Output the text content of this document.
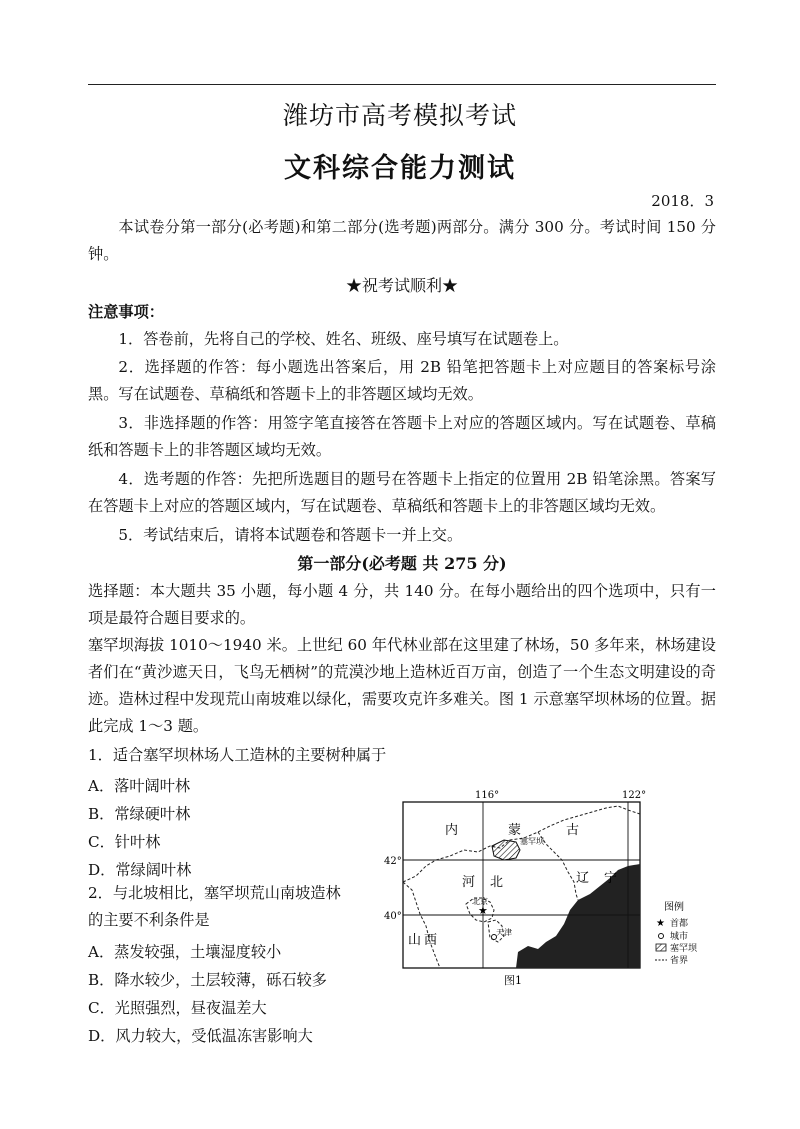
潍坊市高考模拟考试
文科综合能力测试
2018．3
本试卷分第一部分(必考题)和第二部分(选考题)两部分。满分 300 分。考试时间 150 分钟。
★祝考试顺利★
注意事项：
1．答卷前，先将自己的学校、姓名、班级、座号填写在试题卷上。
2．选择题的作答：每小题选出答案后，用 2B 铅笔把答题卡上对应题目的答案标号涂黑。写在试题卷、草稿纸和答题卡上的非答题区域均无效。
3．非选择题的作答：用签字笔直接答在答题卡上对应的答题区域内。写在试题卷、草稿纸和答题卡上的非答题区域均无效。
4．选考题的作答：先把所选题目的题号在答题卡上指定的位置用 2B 铅笔涂黑。答案写在答题卡上对应的答题区域内，写在试题卷、草稿纸和答题卡上的非答题区域均无效。
5．考试结束后，请将本试题卷和答题卡一并上交。
第一部分(必考题 共 275 分)
选择题：本大题共 35 小题，每小题 4 分，共 140 分。在每小题给出的四个选项中，只有一项是最符合题目要求的。
塞罕坝海拔 1010～1940 米。上世纪 60 年代林业部在这里建了林场，50 多年来，林场建设者们在“黄沙遮天日，飞鸟无栖树”的荒漠沙地上造林近百万亩，创造了一个生态文明建设的奇迹。造林过程中发现荒山南坡难以绿化，需要攻克许多难关。图 1 示意塞罕坝林场的位置。据此完成 1～3 题。
1．适合塞罕坝林场人工造林的主要树种属于
A．落叶阔叶林
B．常绿硬叶林
C．针叶林
D．常绿阔叶林
2．与北坡相比，塞罕坝荒山南坡造林
的主要不利条件是
A．蒸发较强，土壤湿度较小
B．降水较少，土层较薄，砾石较多
C．光照强烈，昼夜温差大
D．风力较大，受低温冻害影响大
116°	122°
42°
40°
塞罕坝
内	蒙	古
河 北	辽 宁
山 西
★
北京
天津
图1
图例
★ 首都
城市
塞罕坝
省界
